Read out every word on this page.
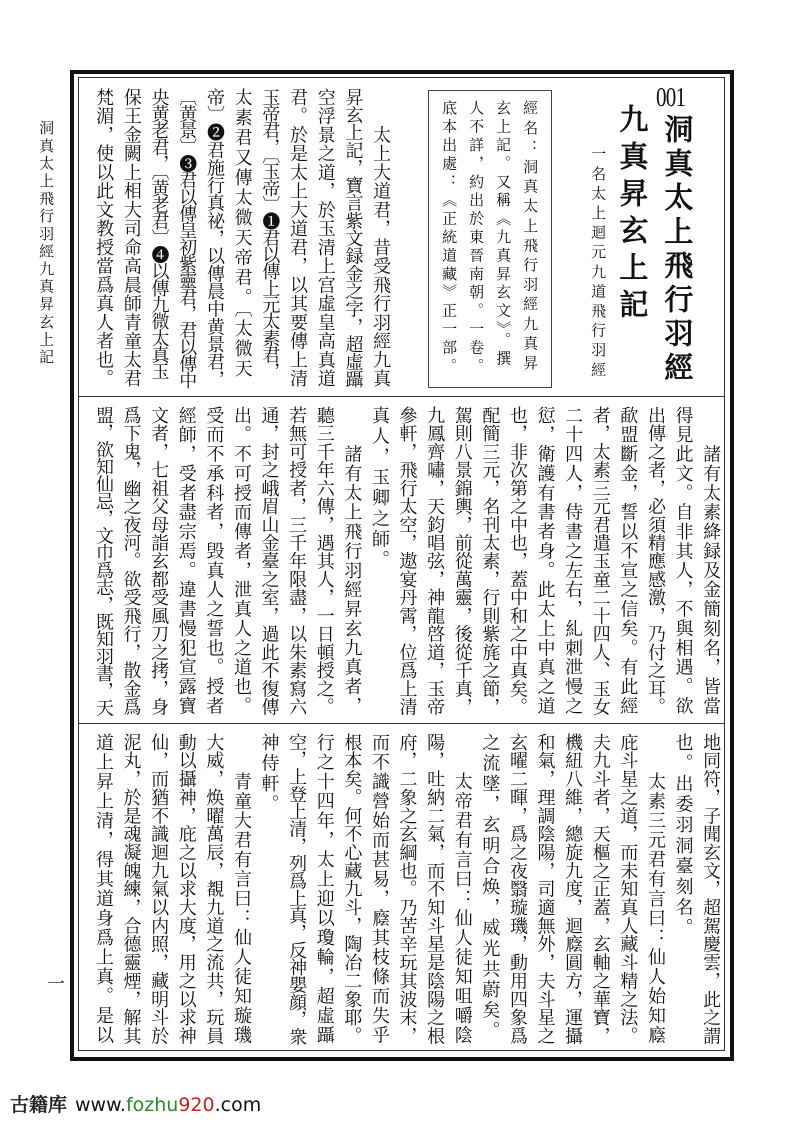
001
一
古籍库 www.fozhu920.com
洞真太上飛行羽經九真昇玄上記	洞真太上飛行羽經
九真昇玄上記
一名太上迴元九道飛行羽經
經名：洞真太上飛行羽經九真昇
玄上記。又稱《九真昇玄文》。撰
人不詳，約出於東晉南朝。一卷。
底本出處：《正統道藏》正一部。
　　太上大道君，昔受飛行羽經九真
昇玄上記，寶言紫文録金之字，超虛躡
空浮景之道，於玉清上宫虛皇高真道
君。於是太上大道君，以其要傳上清
玉帝君，〔玉帝〕❶君以傳上元太素君，
太素君又傳太微天帝君。〔太微天
帝〕❷君施行真祕，以傳晨中黄景君，
〔黄景〕❸君以傳皇初紫靈君，君以傳中
央黄老君，〔黄老君〕❹以傳九微太真玉
保王金闕上相大司命高晨師青童太君
梵湄，使以此文教授當爲真人者也。
　　諸有太素絳録及金簡刻名，皆當
得見此文。自非其人，不與相遇。欲
出傳之者，必須精應感激，乃付之耳。
歃盟斷金，誓以不宣之信矣。有此經
者，太素三元君遣玉童二十四人、玉女
二十四人，侍書之左右，糺刺泄慢之
愆，衛護有書者身。此太上中真之道
也，非次第之中也，蓋中和之中真矣。
配簡三元，名刊太素，行則紫旄之節，
駕則八景錦輿，前從萬靈，後從千真，
九鳳齊嘯，天鈞唱弦，神龍啓道，玉帝
參軒，飛行太空，遨宴丹霄，位爲上清
真人，玉卿之師。
　　諸有太上飛行羽經昇玄九真者，
聽三千年六傳，遇其人，一日頓授之。
若無可授者，三千年限盡，以朱素寫六
通，封之峨眉山金臺之室，過此不復傳
出。不可授而傳者，泄真人之道也。
受而不承科者，毁真人之誓也。授者
經師，受者盡宗焉。違書慢犯宣露寶
文者，七祖父母詣玄都受風刀之拷，身
爲下鬼，幽之夜河。欲受飛行，散金爲
盟，欲知仙忌，文巾爲志，既知羽書，天
地同符，子聞玄文，超駕慶雲，此之謂
也。出委羽洞臺刻名。
　　太素三元君有言曰：仙人始知廕
庇斗星之道，而未知真人藏斗精之法。
夫九斗者，天樞之正蓋，玄軸之華寶，
機紐八維，總旋九度，迴廕圓方，運攝
和氣，理調陰陽，司適無外，夫斗星之
玄曜二暉，爲之夜翳璇璣，動用四象爲
之流墜，玄明合焕，威光共蔚矣。
　　太帝君有言曰：仙人徒知咀嚼陰
陽，吐納二氣，而不知斗星是陰陽之根
府，二象之玄綱也。乃苦辛玩其波末，
而不識營始而甚易，廕其枝條而失乎
根本矣。何不心藏九斗，陶冶二象耶。
行之十四年，太上迎以瓊輪，超虛躡
空，上登上清，列爲上真，反神嬰顔，衆
神侍軒。
　　青童大君有言曰：仙人徒知璇璣
大威，焕曜萬辰，覩九道之流共，玩員
動以攝神，庇之以求大度，用之以求神
仙，而猶不識迴九氣以内照，藏明斗於
泥丸，於是魂凝魄練，合德靈煙，解其
道上昇上清，得其道身爲上真。是以
